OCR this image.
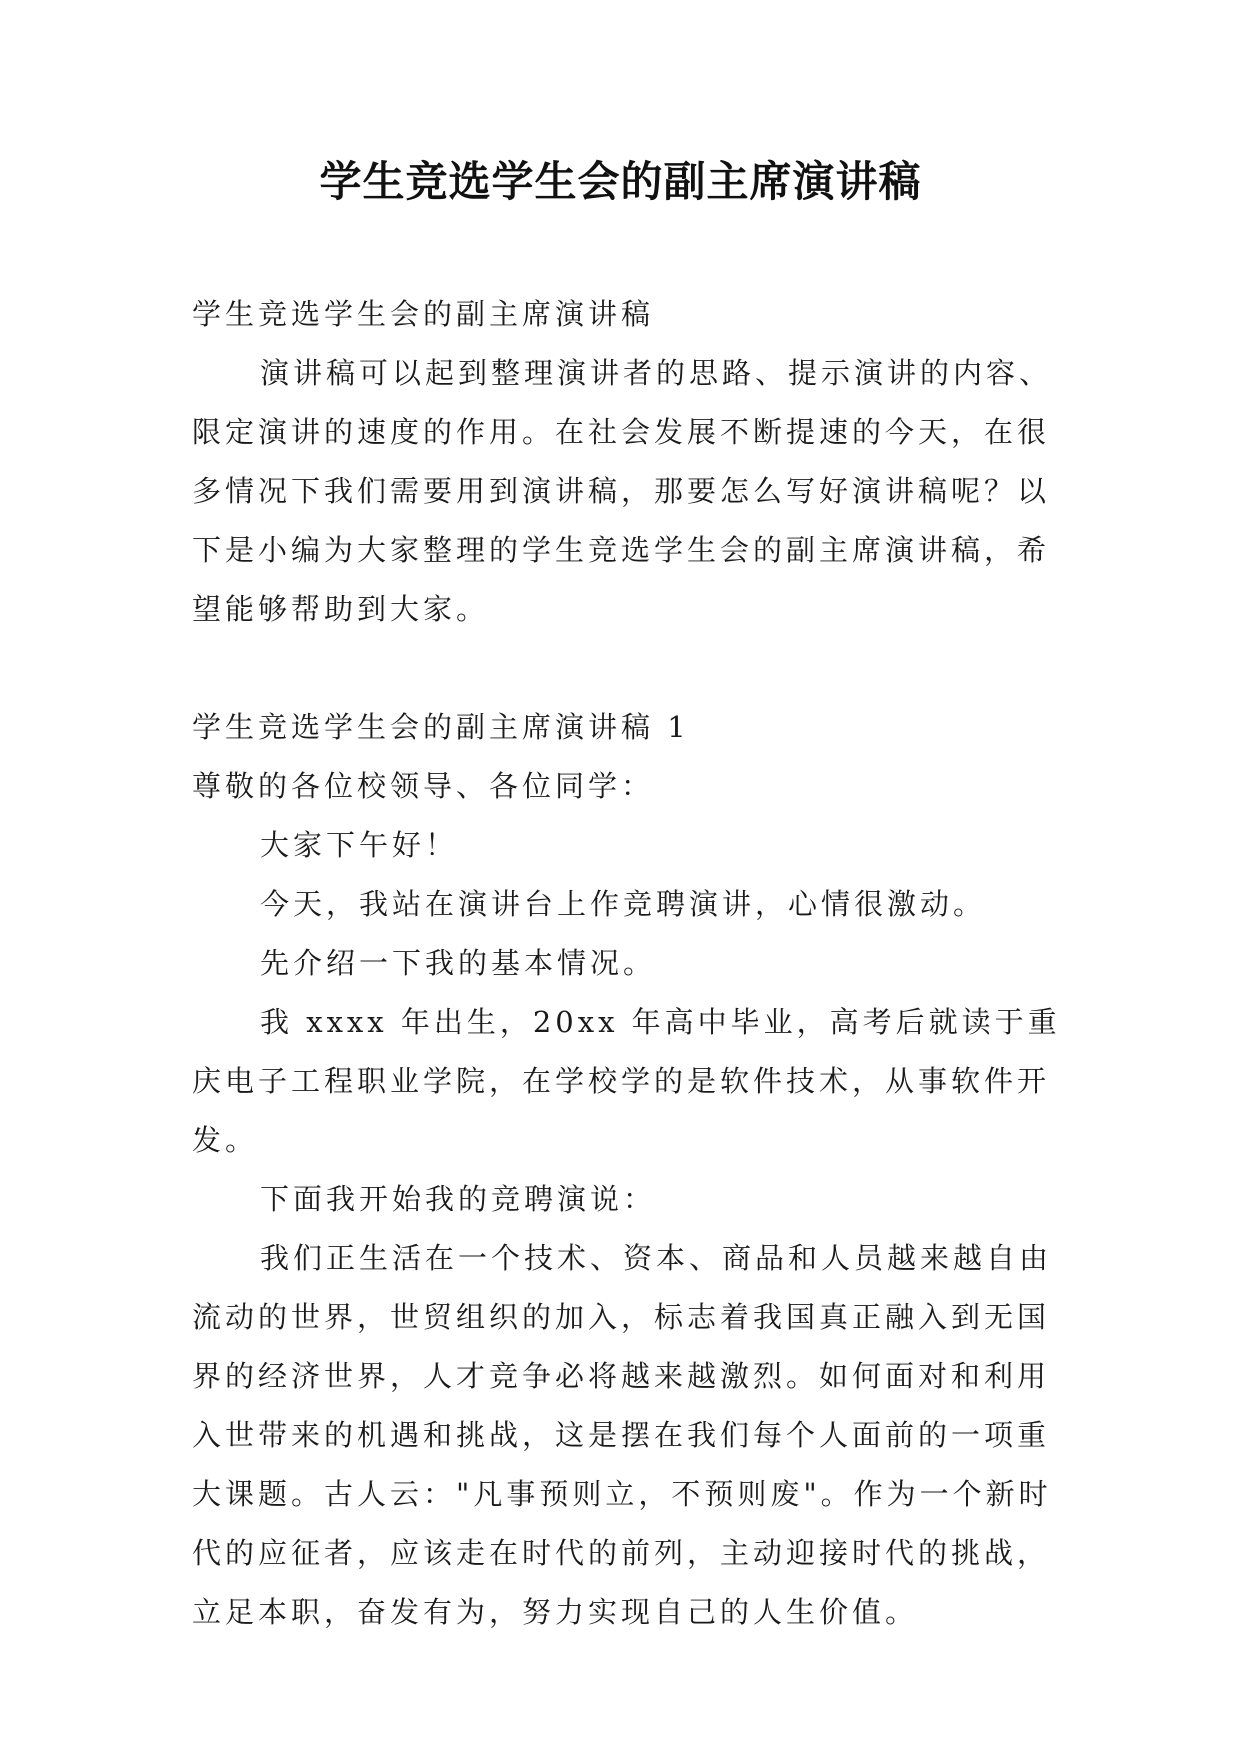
学生竞选学生会的副主席演讲稿

学生竞选学生会的副主席演讲稿

演讲稿可以起到整理演讲者的思路、提示演讲的内容、限定演讲的速度的作用。在社会发展不断提速的今天，在很多情况下我们需要用到演讲稿，那要怎么写好演讲稿呢？以下是小编为大家整理的学生竞选学生会的副主席演讲稿，希望能够帮助到大家。

学生竞选学生会的副主席演讲稿 1

尊敬的各位校领导、各位同学：

大家下午好！

今天，我站在演讲台上作竞聘演讲，心情很激动。

先介绍一下我的基本情况。

我 xxxx 年出生，20xx 年高中毕业，高考后就读于重庆电子工程职业学院，在学校学的是软件技术，从事软件开发。

下面我开始我的竞聘演说：

我们正生活在一个技术、资本、商品和人员越来越自由流动的世界，世贸组织的加入，标志着我国真正融入到无国界的经济世界，人才竞争必将越来越激烈。如何面对和利用入世带来的机遇和挑战，这是摆在我们每个人面前的一项重大课题。古人云："凡事预则立，不预则废"。作为一个新时代的应征者，应该走在时代的前列，主动迎接时代的挑战，立足本职，奋发有为，努力实现自己的人生价值。
